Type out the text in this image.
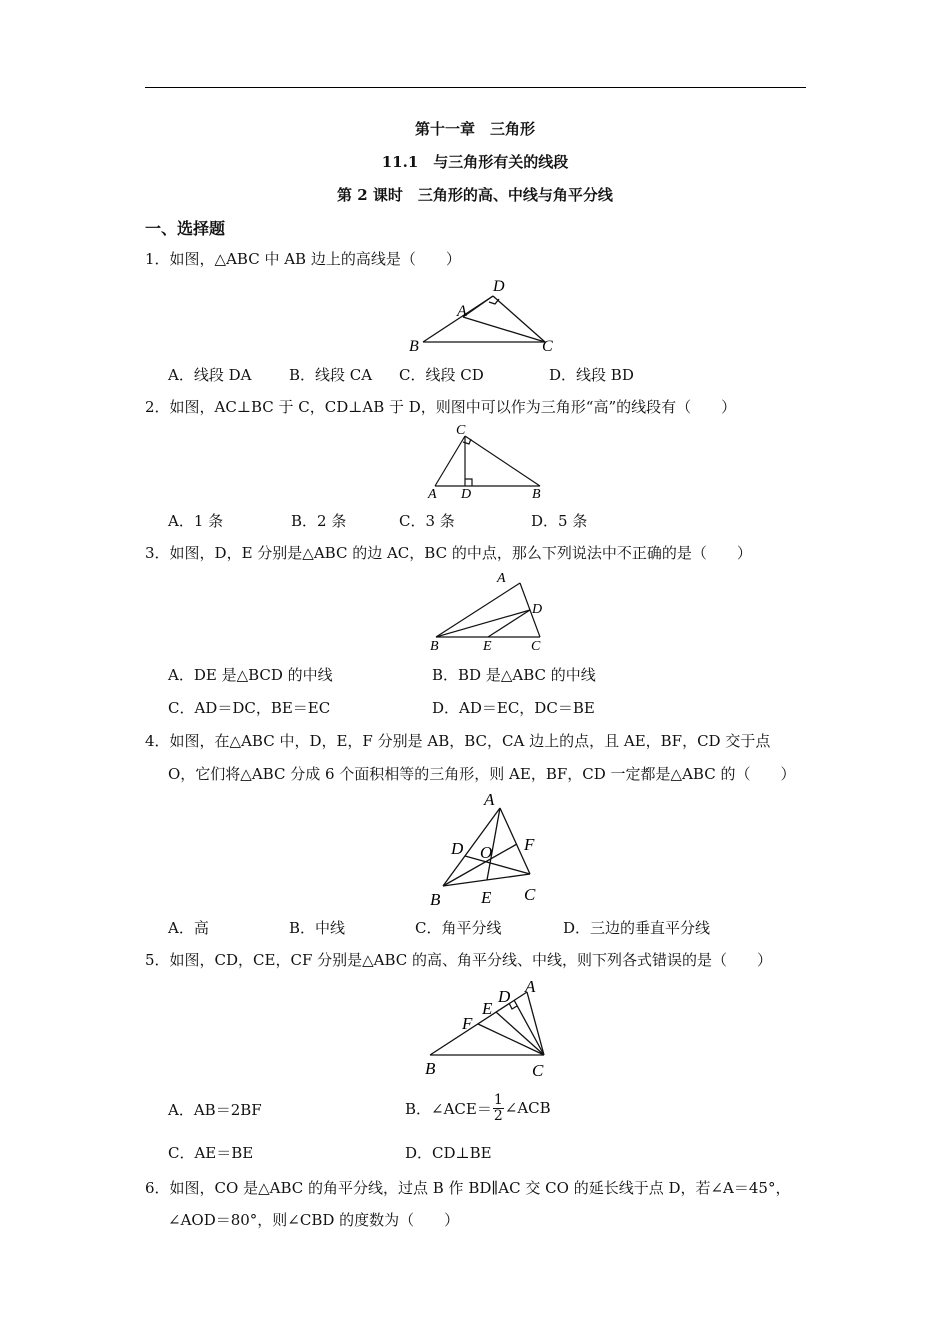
第十一章　三角形
11.1　与三角形有关的线段
第 2 课时　三角形的高、中线与角平分线
一、选择题
1．如图，△ABC 中 AB 边上的高线是（　　）
B
A
D
C
A．线段 DA	B．线段 CA C．线段 CD	D．线段 BD
2．如图，AC⊥BC 于 C，CD⊥AB 于 D，则图中可以作为三角形“高”的线段有（　　）
C
A D	B
A．1 条	B．2 条	C．3 条	D．5 条
3．如图，D，E 分别是△ABC 的边 AC，BC 的中点，那么下列说法中不正确的是（　　）
A
D
B	E	C
A．DE 是△BCD 的中线	B．BD 是△ABC 的中线
C．AD＝DC，BE＝EC	D．AD＝EC，DC＝BE
4．如图，在△ABC 中，D，E，F 分别是 AB，BC，CA 边上的点，且 AE，BF，CD 交于点
O，它们将△ABC 分成 6 个面积相等的三角形，则 AE，BF，CD 一定都是△ABC 的（　　）
A
D O F
B E C
A．高	B．中线	C．角平分线	D．三边的垂直平分线
5．如图，CD，CE，CF 分别是△ABC 的高、角平分线、中线，则下列各式错误的是（　　）
A
D
E
F
B	C
A．AB＝2BF	B．∠ACE＝ $\frac{1}{2}$ ∠ACB
C．AE＝BE	D．CD⊥BE
6．如图，CO 是△ABC 的角平分线，过点 B 作 BD∥AC 交 CO 的延长线于点 D，若∠A＝45°，
∠AOD＝80°，则∠CBD 的度数为（　　）
